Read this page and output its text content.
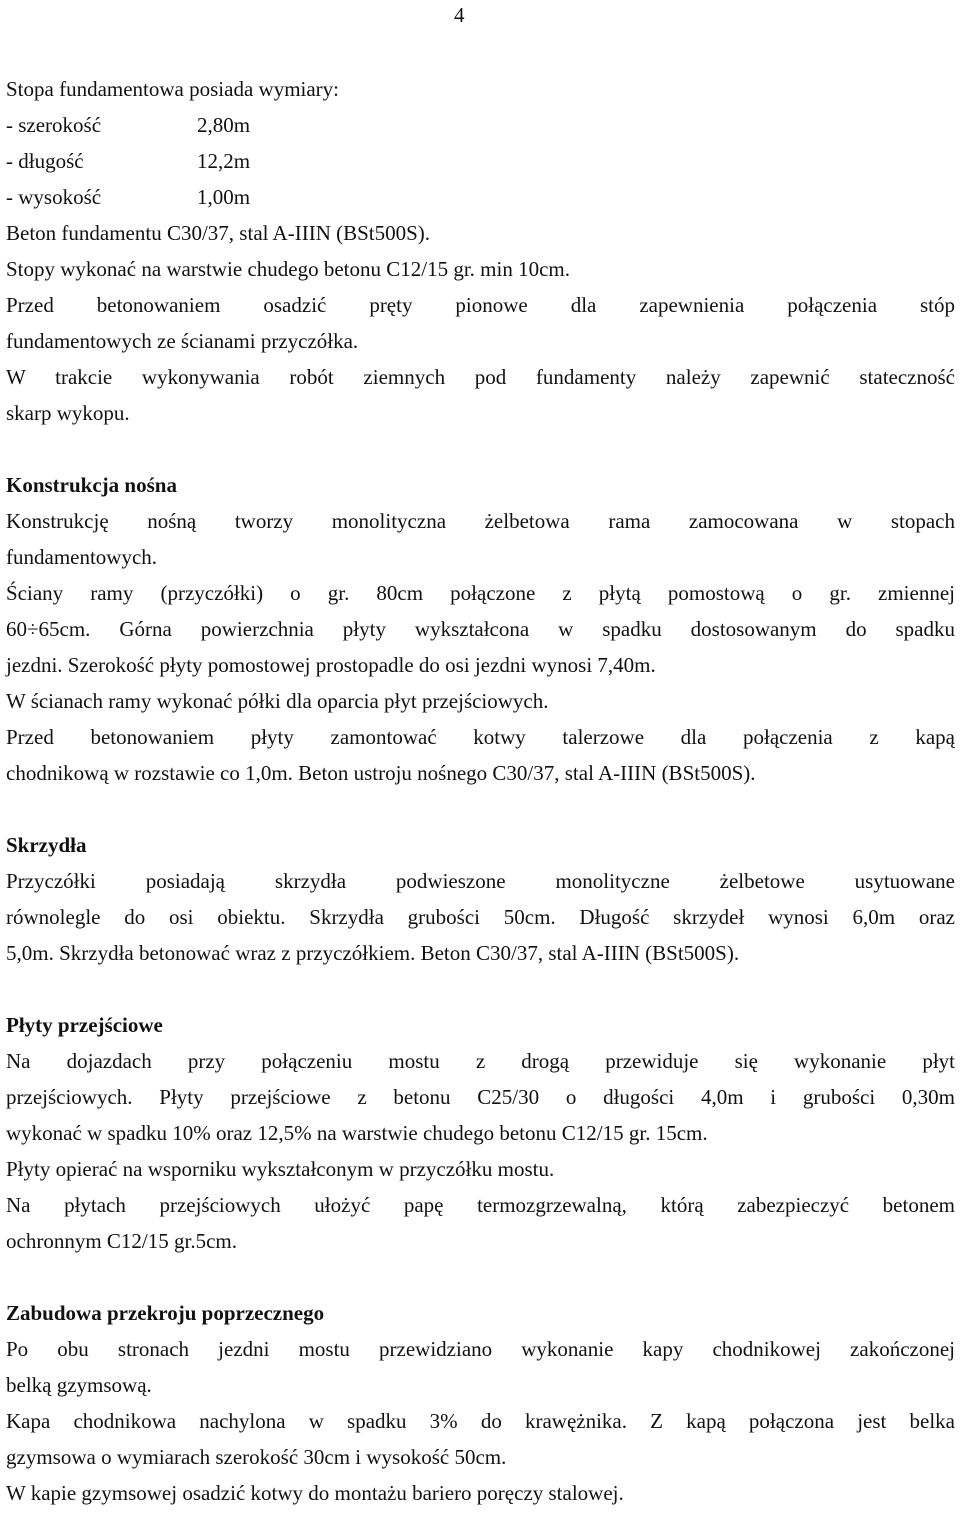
4
Stopa fundamentowa posiada wymiary:
- szerokość	2,80m
- długość	12,2m
- wysokość	1,00m
Beton fundamentu C30/37, stal A-IIIN (BSt500S).
Stopy wykonać na warstwie chudego betonu C12/15 gr. min 10cm.
Przed betonowaniem osadzić pręty pionowe dla zapewnienia połączenia stóp
fundamentowych ze ścianami przyczółka.
W trakcie wykonywania robót ziemnych pod fundamenty należy zapewnić stateczność
skarp wykopu.
Konstrukcja nośna
Konstrukcję nośną tworzy monolityczna żelbetowa rama zamocowana w stopach
fundamentowych.
Ściany ramy (przyczółki) o gr. 80cm połączone z płytą pomostową o gr. zmiennej
60÷65cm. Górna powierzchnia płyty wykształcona w spadku dostosowanym do spadku
jezdni. Szerokość płyty pomostowej prostopadle do osi jezdni wynosi 7,40m.
W ścianach ramy wykonać półki dla oparcia płyt przejściowych.
Przed betonowaniem płyty zamontować kotwy talerzowe dla połączenia z kapą
chodnikową w rozstawie co 1,0m. Beton ustroju nośnego C30/37, stal A-IIIN (BSt500S).
Skrzydła
Przyczółki posiadają skrzydła podwieszone monolityczne żelbetowe usytuowane
równolegle do osi obiektu. Skrzydła grubości 50cm. Długość skrzydeł wynosi 6,0m oraz
5,0m. Skrzydła betonować wraz z przyczółkiem. Beton C30/37, stal A-IIIN (BSt500S).
Płyty przejściowe
Na dojazdach przy połączeniu mostu z drogą przewiduje się wykonanie płyt
przejściowych. Płyty przejściowe z betonu C25/30 o długości 4,0m i grubości 0,30m
wykonać w spadku 10% oraz 12,5% na warstwie chudego betonu C12/15 gr. 15cm.
Płyty opierać na wsporniku wykształconym w przyczółku mostu.
Na płytach przejściowych ułożyć papę termozgrzewalną, którą zabezpieczyć betonem
ochronnym C12/15 gr.5cm.
Zabudowa przekroju poprzecznego
Po obu stronach jezdni mostu przewidziano wykonanie kapy chodnikowej zakończonej
belką gzymsową.
Kapa chodnikowa nachylona w spadku 3% do krawężnika. Z kapą połączona jest belka
gzymsowa o wymiarach szerokość 30cm i wysokość 50cm.
W kapie gzymsowej osadzić kotwy do montażu bariero poręczy stalowej.
